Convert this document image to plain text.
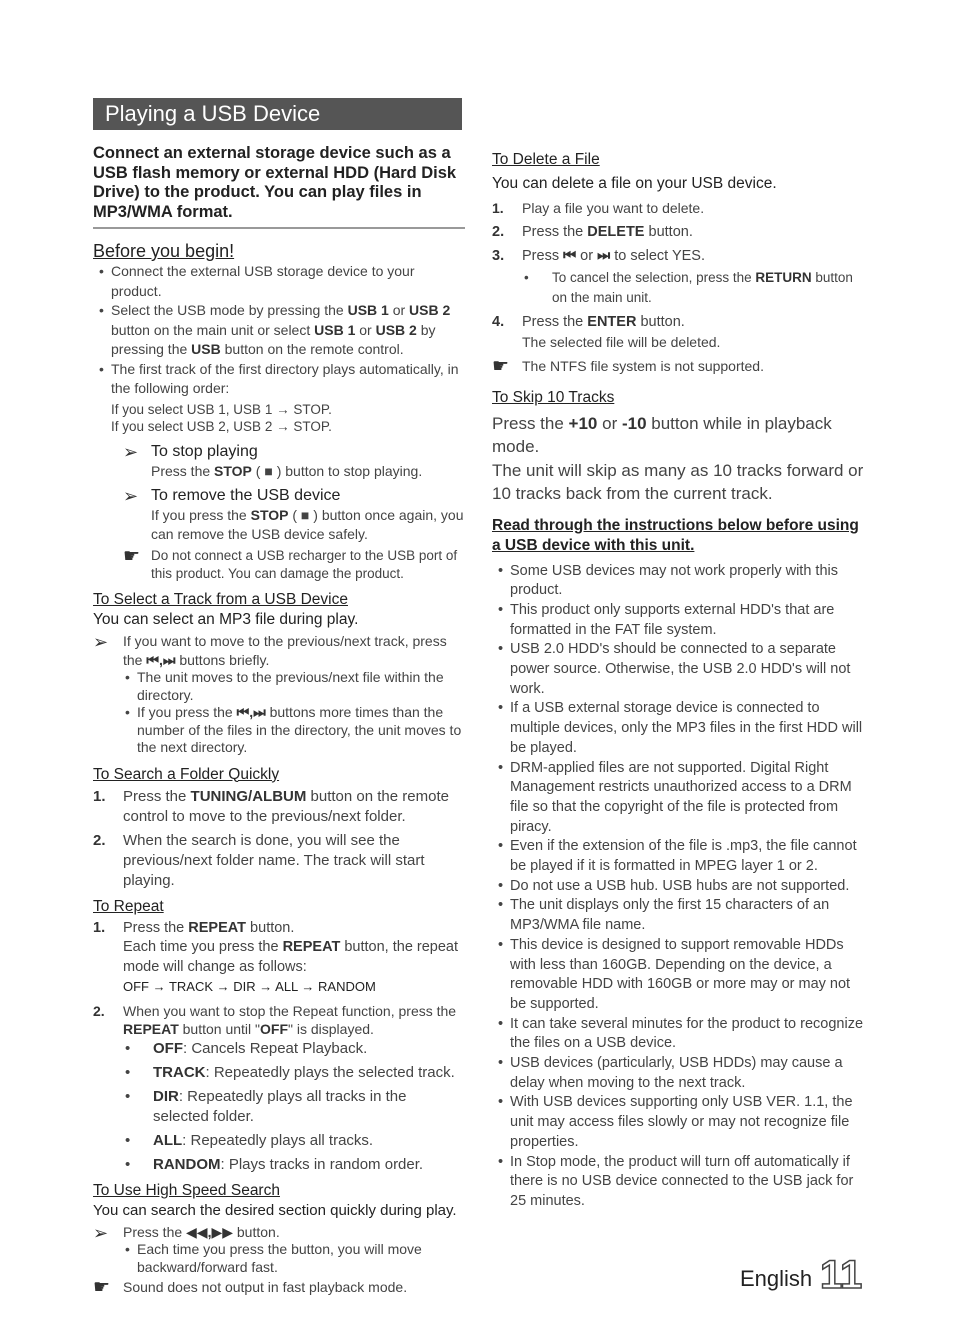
Playing a USB Device
Connect an external storage device such as a USB flash memory or external HDD (Hard Disk Drive) to the product. You can play files in MP3/WMA format.
Before you begin!
• Connect the external USB storage device to your product.
• Select the USB mode by pressing the USB 1 or USB 2 button on the main unit or select USB 1 or USB 2 by pressing the USB button on the remote control.
• The first track of the first directory plays automatically, in the following order:
If you select USB 1, USB 1 → STOP.
If you select USB 2, USB 2 → STOP.
➢ To stop playing
Press the STOP ( ■ ) button to stop playing.
➢ To remove the USB device
If you press the STOP ( ■ ) button once again, you can remove the USB device safely.
☛ Do not connect a USB recharger to the USB port of this product. You can damage the product.
To Select a Track from a USB Device
You can select an MP3 file during play.
➢ If you want to move to the previous/next track, press the ⏮,⏭ buttons briefly.
• The unit moves to the previous/next file within the directory.
• If you press the ⏮,⏭ buttons more times than the number of the files in the directory, the unit moves to the next directory.
To Search a Folder Quickly
1. Press the TUNING/ALBUM button on the remote control to move to the previous/next folder.
2. When the search is done, you will see the previous/next folder name. The track will start playing.
To Repeat
1. Press the REPEAT button.
Each time you press the REPEAT button, the repeat mode will change as follows:
OFF → TRACK → DIR → ALL → RANDOM
2. When you want to stop the Repeat function, press the REPEAT button until "OFF" is displayed.
• OFF: Cancels Repeat Playback.
• TRACK: Repeatedly plays the selected track.
• DIR: Repeatedly plays all tracks in the selected folder.
• ALL: Repeatedly plays all tracks.
• RANDOM: Plays tracks in random order.
To Use High Speed Search
You can search the desired section quickly during play.
➢ Press the ◀◀,▶▶ button.
• Each time you press the button, you will move backward/forward fast.
☛ Sound does not output in fast playback mode.
To Delete a File
You can delete a file on your USB device.
1. Play a file you want to delete.
2. Press the DELETE button.
3. Press ⏮ or ⏭ to select YES.
• To cancel the selection, press the RETURN button on the main unit.
4. Press the ENTER button.
The selected file will be deleted.
☛ The NTFS file system is not supported.
To Skip 10 Tracks
Press the +10 or -10 button while in playback mode.
The unit will skip as many as 10 tracks forward or 10 tracks back from the current track.
Read through the instructions below before using a USB device with this unit.
• Some USB devices may not work properly with this product.
• This product only supports external HDD's that are formatted in the FAT file system.
• USB 2.0 HDD's should be connected to a separate power source. Otherwise, the USB 2.0 HDD's will not work.
• If a USB external storage device is connected to multiple devices, only the MP3 files in the first HDD will be played.
• DRM-applied files are not supported. Digital Right Management restricts unauthorized access to a DRM file so that the copyright of the file is protected from piracy.
• Even if the extension of the file is .mp3, the file cannot be played if it is formatted in MPEG layer 1 or 2.
• Do not use a USB hub. USB hubs are not supported.
• The unit displays only the first 15 characters of an MP3/WMA file name.
• This device is designed to support removable HDDs with less than 160GB. Depending on the device, a removable HDD with 160GB or more may or may not be supported.
• It can take several minutes for the product to recognize the files on a USB device.
• USB devices (particularly, USB HDDs) may cause a delay when moving to the next track.
• With USB devices supporting only USB VER. 1.1, the unit may access files slowly or may not recognize file properties.
• In Stop mode, the product will turn off automatically if there is no USB device connected to the USB jack for 25 minutes.
English 11
